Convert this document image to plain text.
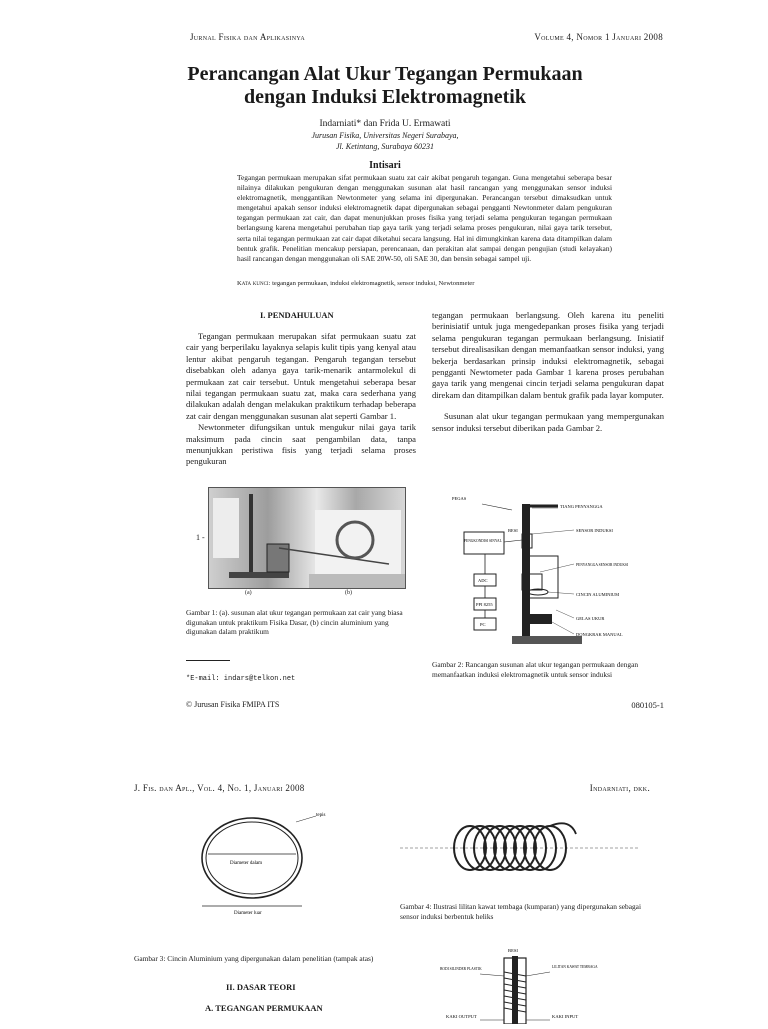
Jurnal Fisika dan Aplikasinya	Volume 4, Nomor 1 Januari 2008
Perancangan Alat Ukur Tegangan Permukaan
dengan Induksi Elektromagnetik
Indarniati* dan Frida U. Ermawati
Jurusan Fisika, Universitas Negeri Surabaya,
Jl. Ketintang, Surabaya 60231
Intisari
Tegangan permukaan merupakan sifat permukaan suatu zat cair akibat pengaruh tegangan. Guna mengetahui seberapa besar nilainya dilakukan pengukuran dengan menggunakan susunan alat hasil rancangan yang menggunakan sensor induksi elektromagnetik, menggantikan Newtonmeter yang selama ini dipergunakan. Perancangan tersebut dimaksudkan untuk mengetahui apakah sensor induksi elektromagnetik dapat dipergunakan sebagai pengganti Newtonmeter dalam pengukuran tegangan permukaan zat cair, dan dapat menunjukkan proses fisika yang terjadi selama pengukuran tegangan permukaan berlangsung karena mengetahui perubahan tiap gaya tarik yang terjadi selama proses pengukuran, nilai gaya tarik tersebut, serta nilai tegangan permukaan zat cair dapat diketahui secara langsung. Hal ini dimungkinkan karena data ditampilkan dalam bentuk grafik. Penelitian mencakup persiapan, perencanaan, dan perakitan alat sampai dengan pengujian (studi kelayakan) hasil rancangan dengan menggunakan oli SAE 20W-50, oli SAE 30, dan bensin sebagai sampel uji.
Kata kunci: tegangan permukaan, induksi elektromagnetik, sensor induksi, Newtonmeter
I. PENDAHULUAN

Tegangan permukaan merupakan sifat permukaan suatu zat cair yang berperilaku layaknya selapis kulit tipis yang kenyal atau lentur akibat pengaruh tegangan. Pengaruh tegangan tersebut disebabkan oleh adanya gaya tarik-menarik antarmolekul di permukaan zat cair tersebut. Untuk mengetahui seberapa besar nilai tegangan permukaan suatu zat, maka cara sederhana yang dilakukan adalah dengan melakukan praktikum terhadap beberapa zat cair dengan menggunakan susunan alat seperti Gambar 1.

Newtonmeter difungsikan untuk mengukur nilai gaya tarik maksimum pada cincin saat pengambilan data, tanpa menunjukkan peristiwa fisis yang terjadi selama proses pengukuran

tegangan permukaan berlangsung. Oleh karena itu peneliti berinisiatif untuk juga mengedepankan proses fisika yang terjadi selama pengukuran tegangan permukaan berlangsung. Inisiatif tersebut direalisasikan dengan memanfaatkan sensor induksi, yang bekerja berdasarkan prinsip induksi elektromagnetik, sebagai pengganti Newtometer pada Gambar 1 karena proses perubahan gaya tarik yang mengenai cincin terjadi selama pengukuran dapat direkam dan ditampilkan dalam bentuk grafik pada layar komputer.

Susunan alat ukur tegangan permukaan yang mempergunakan sensor induksi tersebut diberikan pada Gambar 2.

1 -
(a)	(b)
Gambar 1: (a). susunan alat ukur tegangan permukaan zat cair yang biasa digunakan untuk praktikum Fisika Dasar, (b) cincin aluminium yang digunakan dalam praktikum
PEGAS
TIANG PENYANGGA
PENGKONDISI SINYAL
BESI	SENSOR INDUKSI
ADC
PPI 8255
PC
PENYANGGA SENSOR INDUKSI
CINCIN ALUMINIUM
GELAS UKUR
DONGKRAK MANUAL
Gambar 2: Rancangan susunan alat ukur tegangan permukaan dengan memanfaatkan induksi elektromagnetik untuk sensor induksi
*E-mail: indars@telkon.net
© Jurusan Fisika FMIPA ITS	080105-1
J. Fis. dan Apl., Vol. 4, No. 1, Januari 2008	Indarniati, dkk.
tepis
Diameter dalam
Diameter luar
Gambar 3: Cincin Aluminium yang dipergunakan dalam penelitian (tampak atas)
II. DASAR TEORI
A. TEGANGAN PERMUKAAN
Gambar 4: Ilustrasi lilitan kawat tembaga (kumparan) yang dipergunakan sebagai sensor induksi berbentuk heliks
BESI
BODI SILINDER PLASTIK	LILITAN KAWAT TEMBAGA
KAKI OUTPUT	KAKI INPUT
